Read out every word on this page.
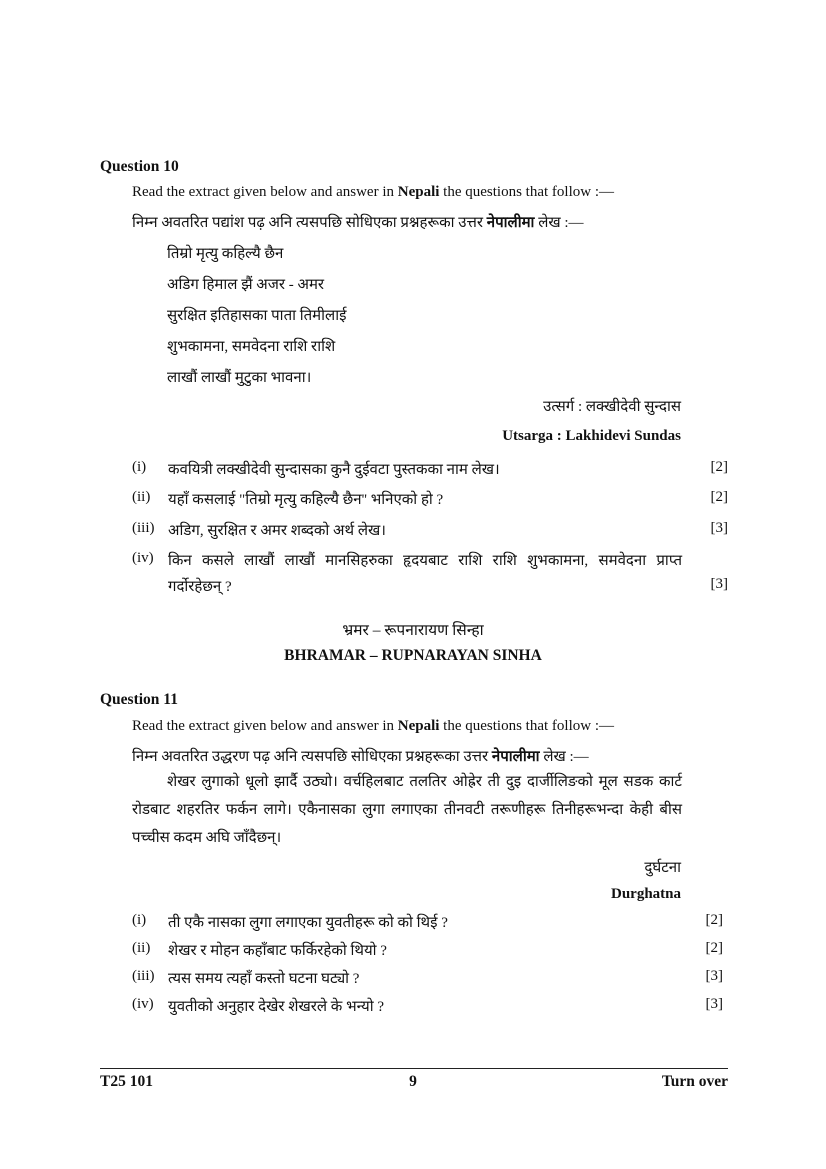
Question 10
Read the extract given below and answer in Nepali the questions that follow :—
निम्न अवतरित पद्यांश पढ़ अनि त्यसपछि सोधिएका प्रश्नहरूका उत्तर नेपालीमा लेख :—
तिम्रो मृत्यु कहिल्यै छैन
अडिग हिमाल झैं अजर - अमर
सुरक्षित इतिहासका पाता तिमीलाई
शुभकामना, समवेदना राशि राशि
लाखौं लाखौं मुटुका भावना।
उत्सर्ग : लक्खीदेवी सुन्दास
Utsarga : Lakhidevi Sundas
(i) कवयित्री लक्खीदेवी सुन्दासका कुनै दुईवटा पुस्तकका नाम लेख।	[2]
(ii) यहाँ कसलाई "तिम्रो मृत्यु कहिल्यै छैन'' भनिएको हो ?	[2]
(iii) अडिग, सुरक्षित र अमर शब्दको अर्थ लेख।	[3]
(iv) किन कसले लाखौं लाखौं मानसिहरुका हृदयबाट राशि राशि शुभकामना, समवेदना प्राप्त
गर्दोरहेछन् ?	[3]
भ्रमर – रूपनारायण सिन्हा
BHRAMAR – RUPNARAYAN SINHA
Question 11
Read the extract given below and answer in Nepali the questions that follow :—
निम्न अवतरित उद्धरण पढ़ अनि त्यसपछि सोधिएका प्रश्नहरूका उत्तर नेपालीमा लेख :—
शेखर लुगाको धूलो झार्दै उठ्यो। वर्चहिलबाट तलतिर ओह्रेर ती दुइ दार्जीलिङको मूल सडक कार्ट रोडबाट शहरतिर फर्कन लागे। एकैनासका लुगा लगाएका तीनवटी तरूणीहरू तिनीहरूभन्दा केही बीस पच्चीस कदम अघि जाँदैछन्।
दुर्घटना
Durghatna
(i) ती एकै नासका लुगा लगाएका युवतीहरू को को थिई ?	[2]
(ii) शेखर र मोहन कहाँबाट फर्किरहेको थियो ?	[2]
(iii) त्यस समय त्यहाँ कस्तो घटना घट्यो ?	[3]
(iv) युवतीको अनुहार देखेर शेखरले के भन्यो ?	[3]
T25 101	9	Turn over
